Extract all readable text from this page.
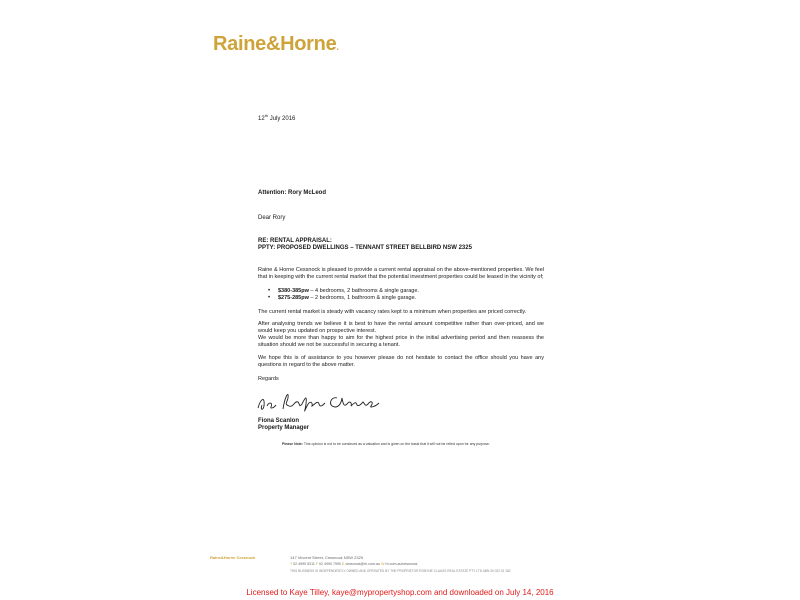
Raine&Horne.
12th July 2016
Attention: Rory McLeod
Dear Rory
RE: RENTAL APPRAISAL:
PPTY: PROPOSED DWELLINGS – TENNANT STREET BELLBIRD NSW 2325
Raine & Horne Cessnock is pleased to provide a current rental appraisal on the above-mentioned properties. We feel that in keeping with the current rental market that the potential investment properties could be leased in the vicinity of;
• $380-385pw – 4 bedrooms, 2 bathrooms & single garage.
• $275-285pw – 2 bedrooms, 1 bathroom & single garage.
The current rental market is steady with vacancy rates kept to a minimum when properties are priced correctly.
After analysing trends we believe it is best to have the rental amount competitive rather than over-priced, and we would keep you updated on prospective interest.
We would be more than happy to aim for the highest price in the initial advertising period and then reassess the situation should we not be successful in securing a tenant.
We hope this is of assistance to you however please do not hesitate to contact the office should you have any questions in regard to the above matter.
Regards
Fiona Scanlon
Property Manager
Please Note: This opinion is not to be construed as a valuation and is given on the basis that it will not be relied upon for any purpose.
Raine&Horne Cessnock	147 Vincent Street, Cessnock NSW 2325
T 02 4990 5311 F 02 4990 7990 E cessnock@rh.com.au W rh.com.au/cessnock
THIS BUSINESS IS INDEPENDENTLY OWNED AND OPERATED BY THE PROPRIETOR ROBYNE CLAUSS REAL ESTATE PTY LTD ABN 30 022 02 182
Licensed to Kaye Tilley, kaye@mypropertyshop.com and downloaded on July 14, 2016
